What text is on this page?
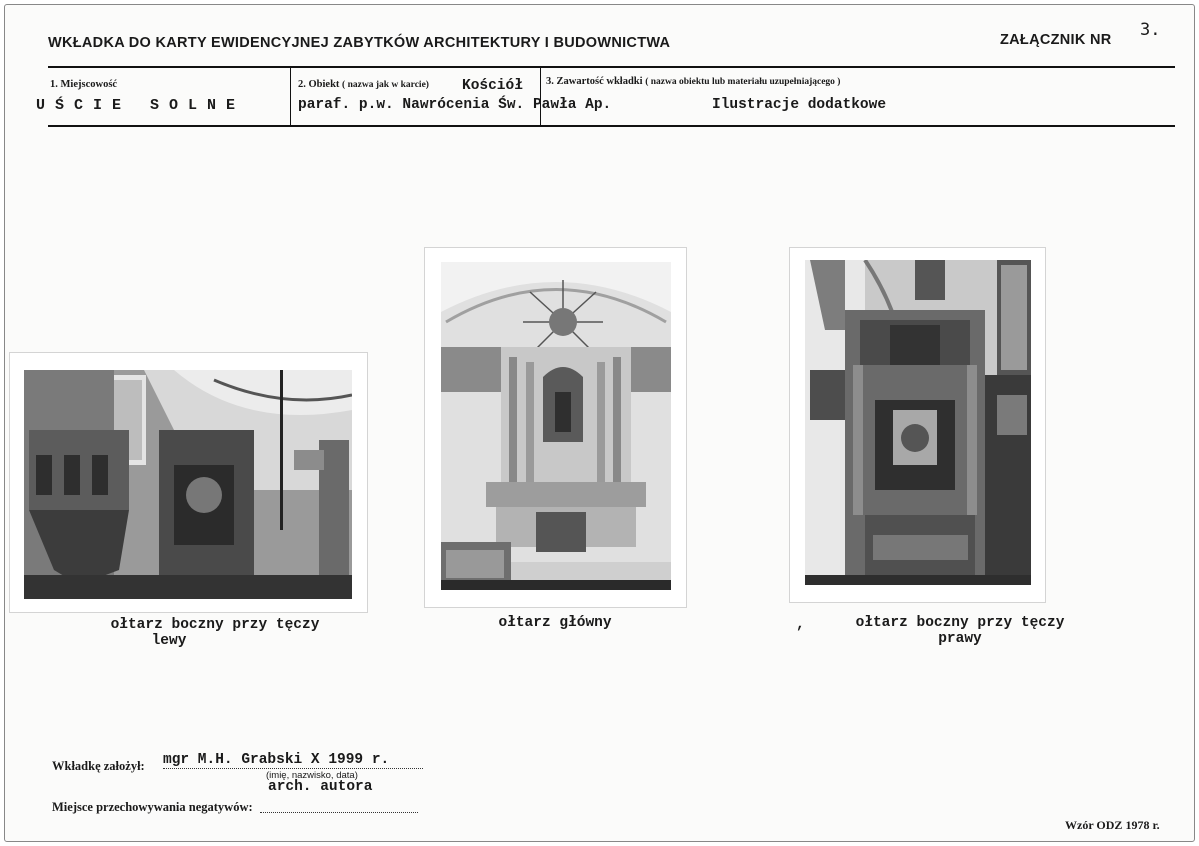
WKŁADKA DO KARTY EWIDENCYJNEJ ZABYTKÓW ARCHITEKTURY I BUDOWNICTWA	ZAŁĄCZNIK NR 3.
1. Miejscowość
UŚCIE SOLNE
2. Obiekt ( nazwa jak w karcie) Kościół
paraf. p.w. Nawrócenia Św. Pawła Ap.
3. Zawartość wkładki ( nazwa obiektu lub materiału uzupełniającego )
Ilustracje dodatkowe
ołtarz boczny przy tęczy
lewy
ołtarz główny	,	ołtarz boczny przy tęczy
prawy
Wkładkę założył: mgr M.H. Grabski X 1999 r.
(imię, nazwisko, data)
arch. autora
Miejsce przechowywania negatywów:
Wzór ODZ 1978 r.
